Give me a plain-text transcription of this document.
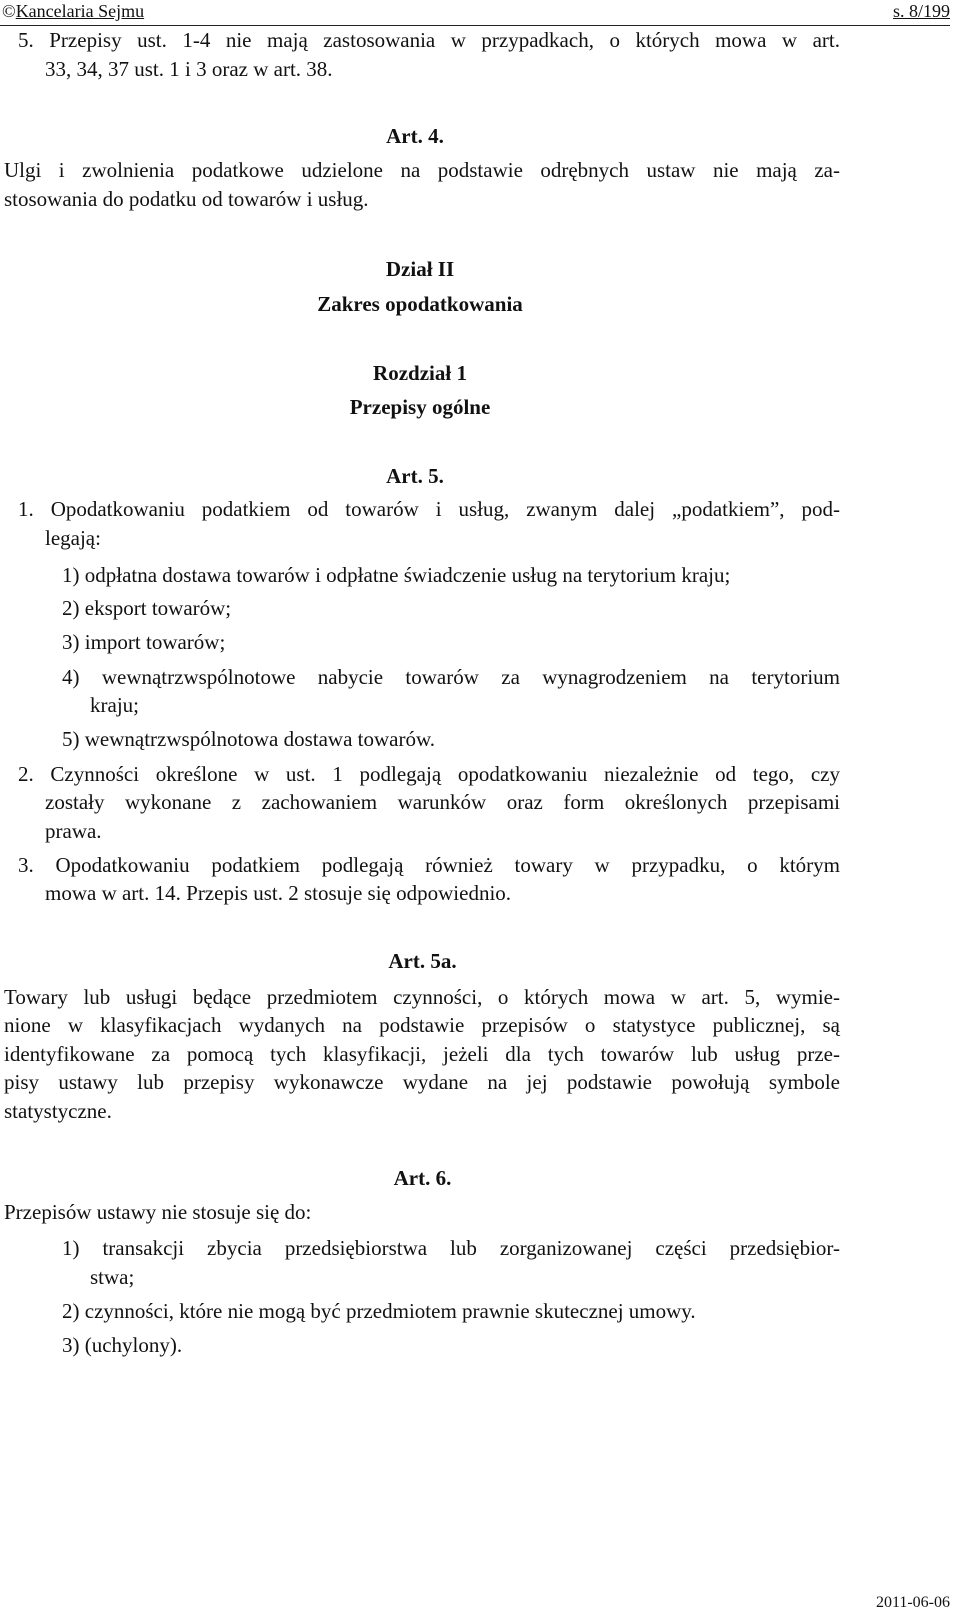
©Kancelaria Sejmu	s. 8/199
5. Przepisy ust. 1-4 nie mają zastosowania w przypadkach, o których mowa w art.
33, 34, 37 ust. 1 i 3 oraz w art. 38.
Art. 4.
Ulgi i zwolnienia podatkowe udzielone na podstawie odrębnych ustaw nie mają za-
stosowania do podatku od towarów i usług.
Dział II
Zakres opodatkowania
Rozdział 1
Przepisy ogólne
Art. 5.
1. Opodatkowaniu podatkiem od towarów i usług, zwanym dalej „podatkiem”, pod-
legają:
1) odpłatna dostawa towarów i odpłatne świadczenie usług na terytorium kraju;
2) eksport towarów;
3) import towarów;
4) wewnątrzwspólnotowe nabycie towarów za wynagrodzeniem na terytorium
kraju;
5) wewnątrzwspólnotowa dostawa towarów.
2. Czynności określone w ust. 1 podlegają opodatkowaniu niezależnie od tego, czy
zostały wykonane z zachowaniem warunków oraz form określonych przepisami
prawa.
3. Opodatkowaniu podatkiem podlegają również towary w przypadku, o którym
mowa w art. 14. Przepis ust. 2 stosuje się odpowiednio.
Art. 5a.
Towary lub usługi będące przedmiotem czynności, o których mowa w art. 5, wymie-
nione w klasyfikacjach wydanych na podstawie przepisów o statystyce publicznej, są
identyfikowane za pomocą tych klasyfikacji, jeżeli dla tych towarów lub usług prze-
pisy ustawy lub przepisy wykonawcze wydane na jej podstawie powołują symbole
statystyczne.
Art. 6.
Przepisów ustawy nie stosuje się do:
1) transakcji zbycia przedsiębiorstwa lub zorganizowanej części przedsiębior-
stwa;
2) czynności, które nie mogą być przedmiotem prawnie skutecznej umowy.
3) (uchylony).
2011-06-06
